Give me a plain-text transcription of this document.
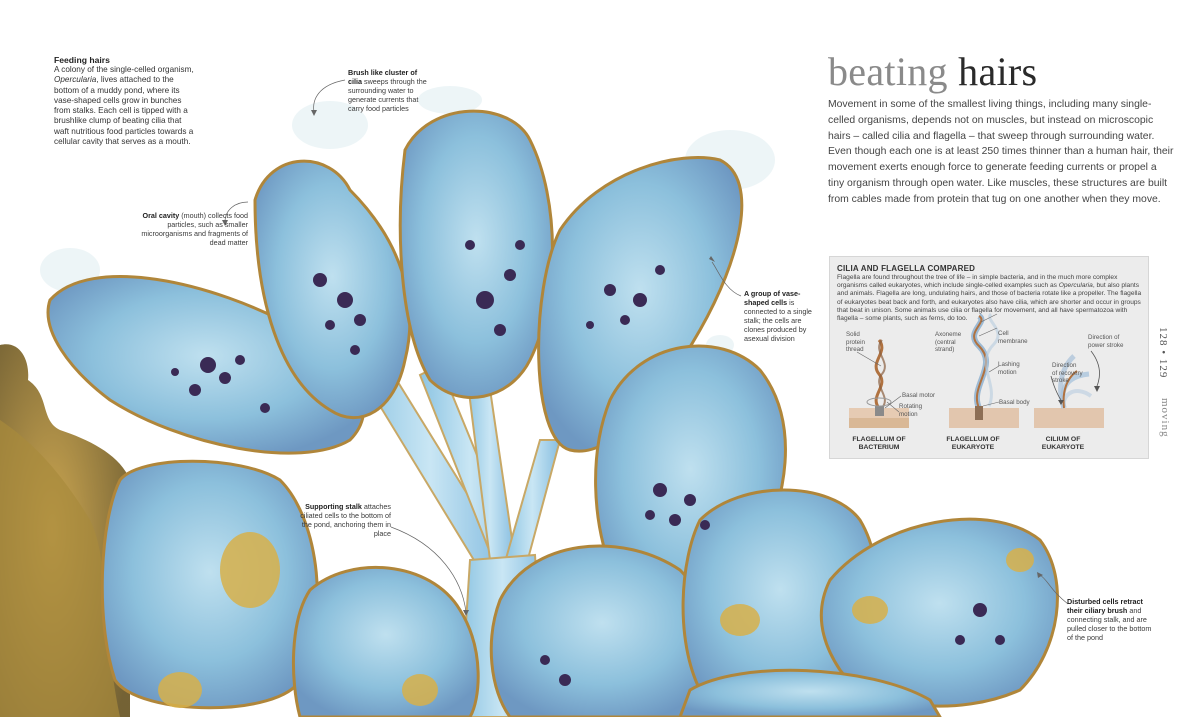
Feeding hairs
A colony of the single-celled organism, Opercularia, lives attached to the bottom of a muddy pond, where its vase-shaped cells grow in bunches from stalks. Each cell is tipped with a brushlike clump of beating cilia that waft nutritious food particles towards a cellular cavity that serves as a mouth.
Brush like cluster of cilia sweeps through the surrounding water to generate currents that carry food particles
Oral cavity (mouth) collects food particles, such as smaller microorganisms and fragments of dead matter
A group of vase-shaped cells is connected to a single stalk; the cells are clones produced by asexual division
Supporting stalk attaches ciliated cells to the bottom of the pond, anchoring them in place
Disturbed cells retract their ciliary brush and connecting stalk, and are pulled closer to the bottom of the pond
beating hairs
Movement in some of the smallest living things, including many single-celled organisms, depends not on muscles, but instead on microscopic hairs – called cilia and flagella – that sweep through surrounding water. Even though each one is at least 250 times thinner than a human hair, their movement exerts enough force to generate feeding currents or propel a tiny organism through open water. Like muscles, these structures are built from cables made from protein that tug on one another when they move.
CILIA AND FLAGELLA COMPARED
Flagella are found throughout the tree of life – in simple bacteria, and in the much more complex organisms called eukaryotes, which include single-celled examples such as Opercularia, but also plants and animals. Flagella are long, undulating hairs, and those of bacteria rotate like a propeller. The flagella of eukaryotes beat back and forth, and eukaryotes also have cilia, which are shorter and occur in groups that beat in unison. Some animals use cilia or flagella for movement, and all have spermatozoa with flagella – some plants, such as ferns, do too.
Solid
protein
thread
Basal motor
Rotating
motion
Axoneme
(central
strand)
Cell
membrane
Lashing
motion
Basal body
Direction of
power stroke
Direction
of recovery
stroke
FLAGELLUM OF
BACTERIUM
FLAGELLUM OF
EUKARYOTE
CILIUM OF
EUKARYOTE
128 • 129
moving
